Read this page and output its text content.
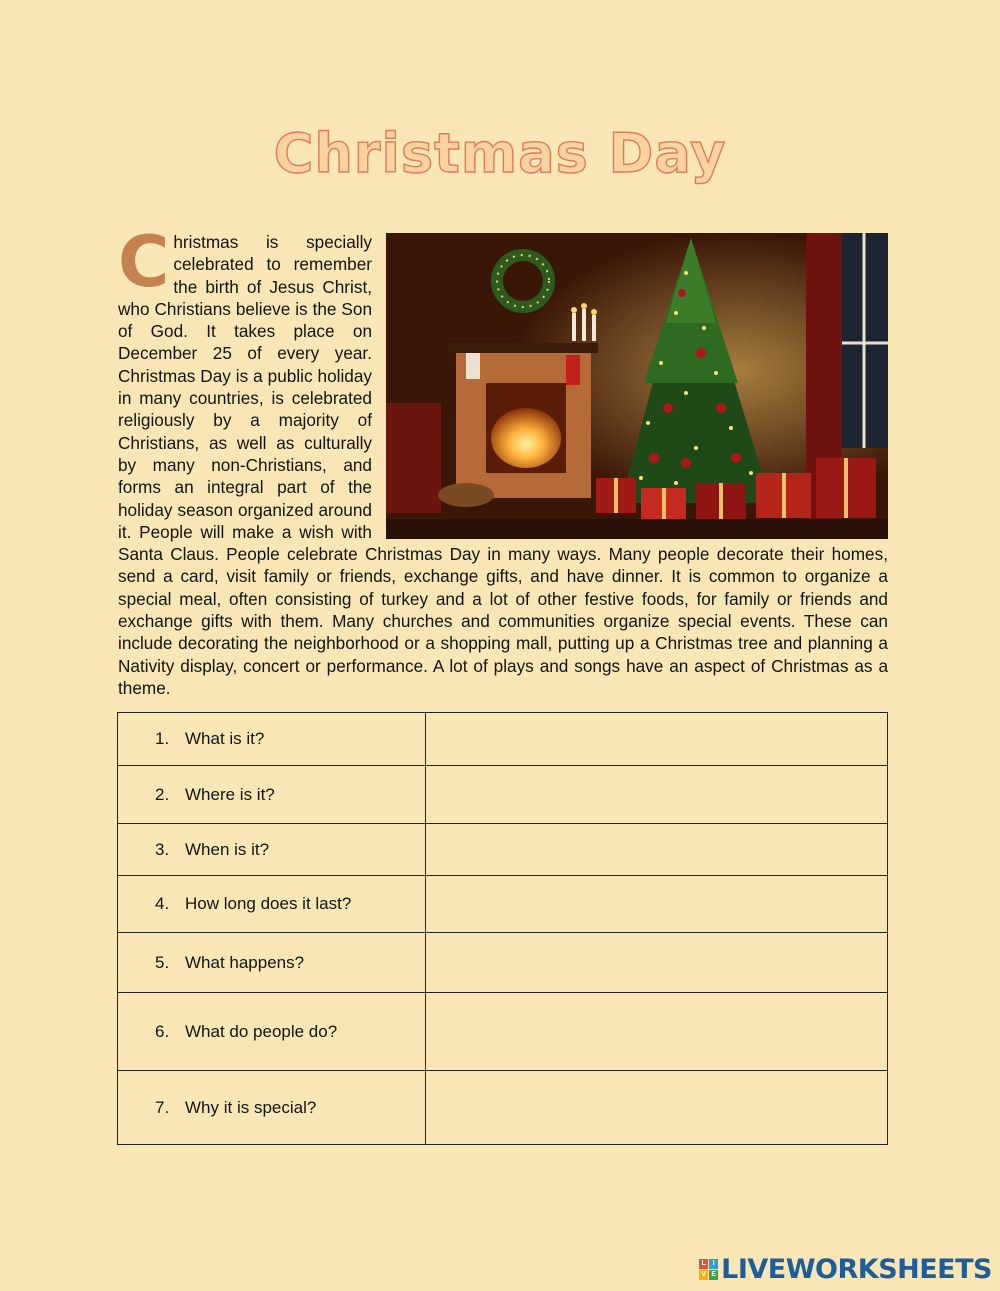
Christmas Day
Christmas is specially celebrated to remember the birth of Jesus Christ, who Christians believe is the Son of God. It takes place on December 25 of every year. Christmas Day is a public holiday in many countries, is celebrated religiously by a majority of Christians, as well as culturally by many non-Christians, and forms an integral part of the holiday season organized around it. People will make a wish with Santa Claus. People celebrate Christmas Day in many ways. Many people decorate their homes, send a card, visit family or friends, exchange gifts, and have dinner. It is common to organize a special meal, often consisting of turkey and a lot of other festive foods, for family or friends and exchange gifts with them. Many churches and communities organize special events. These can include decorating the neighborhood or a shopping mall, putting up a Christmas tree and planning a Nativity display, concert or performance. A lot of plays and songs have an aspect of Christmas as a theme.
1. What is it?	
2. Where is it?	
3. When is it?	
4. How long does it last?	
5. What happens?	
6. What do people do?	
7. Why it is special?	
L I
V E LIVEWORKSHEETS
